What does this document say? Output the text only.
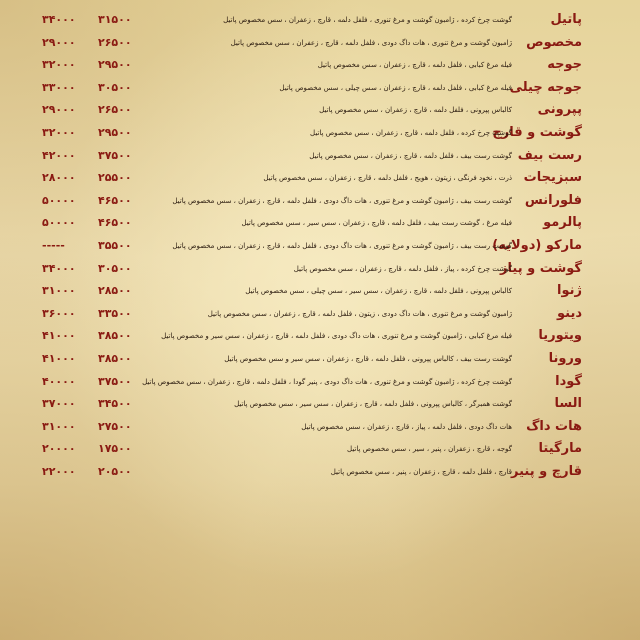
پاتیل
گوشت چرخ کرده ، ژامبون گوشت و مرغ تنوری ، فلفل دلمه ، قارچ ، زعفران ، سس مخصوص پاتیل
۳۱۵۰۰
۳۴۰۰۰
مخصوص
ژامبون گوشت و مرغ تنوری ، هات داگ دودی ، فلفل دلمه ، قارچ ، زعفران ، سس مخصوص پاتیل
۲۶۵۰۰
۲۹۰۰۰
جوجه
فیله مرغ کبابی ، فلفل دلمه ، قارچ ، زعفران ، سس مخصوص پاتیل
۲۹۵۰۰
۳۲۰۰۰
جوجه چیلی
فیله مرغ کبابی ، فلفل دلمه ، قارچ ، زعفران ، سس چیلی ، سس مخصوص پاتیل
۳۰۵۰۰
۳۳۰۰۰
پپرونی
کالباس پپرونی ، فلفل دلمه ، قارچ ، زعفران ، سس مخصوص پاتیل
۲۶۵۰۰
۲۹۰۰۰
گوشت و قارچ
گوشت چرخ کرده ، فلفل دلمه ، قارچ ، زعفران ، سس مخصوص پاتیل
۲۹۵۰۰
۳۲۰۰۰
رست بیف
گوشت رست بیف ، فلفل دلمه ، قارچ ، زعفران ، سس مخصوص پاتیل
۳۷۵۰۰
۴۲۰۰۰
سبزیجات
ذرت ، نخود فرنگی ، زیتون ، هویج ، فلفل دلمه ، قارچ ، زعفران ، سس مخصوص پاتیل
۲۵۵۰۰
۲۸۰۰۰
فلورانس
گوشت رست بیف ، ژامبون گوشت و مرغ تنوری ، هات داگ دودی ، فلفل دلمه ، قارچ ، زعفران ، سس مخصوص پاتیل
۴۶۵۰۰
۵۰۰۰۰
پالرمو
فیله مرغ ، گوشت رست بیف ، فلفل دلمه ، قارچ ، زعفران ، سس سیر ، سس مخصوص پاتیل
۴۶۵۰۰
۵۰۰۰۰
مارکو (دولایه)
گوشت رست بیف ، ژامبون گوشت و مرغ تنوری ، هات داگ دودی ، فلفل دلمه ، قارچ ، زعفران ، سس مخصوص پاتیل
۳۵۵۰۰
-----
گوشت و پیاز
گوشت چرخ کرده ، پیاز ، فلفل دلمه ، قارچ ، زعفران ، سس مخصوص پاتیل
۳۰۵۰۰
۳۴۰۰۰
ژنوا
کالباس پپرونی ، فلفل دلمه ، قارچ ، زعفران ، سس سیر ، سس چیلی ، سس مخصوص پاتیل
۲۸۵۰۰
۳۱۰۰۰
دینو
ژامبون گوشت و مرغ تنوری ، هات داگ دودی ، زیتون ، فلفل دلمه ، قارچ ، زعفران ، سس مخصوص پاتیل
۳۳۵۰۰
۳۶۰۰۰
ویتوریا
فیله مرغ کبابی ، ژامبون گوشت و مرغ تنوری ، هات داگ دودی ، فلفل دلمه ، قارچ ، زعفران ، سس سیر و مخصوص پاتیل
۳۸۵۰۰
۴۱۰۰۰
ورونا
گوشت رست بیف ، کالباس پپرونی ، فلفل دلمه ، قارچ ، زعفران ، سس سیر و سس مخصوص پاتیل
۳۸۵۰۰
۴۱۰۰۰
گودا
گوشت چرخ کرده ، ژامبون گوشت و مرغ تنوری ، هات داگ دودی ، پنیر گودا ، فلفل دلمه ، قارچ ، زعفران ، سس مخصوص پاتیل
۳۷۵۰۰
۴۰۰۰۰
السا
گوشت همبرگر ، کالباس پپرونی ، فلفل دلمه ، قارچ ، زعفران ، سس سیر ، سس مخصوص پاتیل
۳۴۵۰۰
۳۷۰۰۰
هات داگ
هات داگ دودی ، فلفل دلمه ، پیاز ، قارچ ، زعفران ، سس مخصوص پاتیل
۲۷۵۰۰
۳۱۰۰۰
مارگیتا
گوجه ، قارچ ، زعفران ، پنیر ، سیر ، سس مخصوص پاتیل
۱۷۵۰۰
۲۰۰۰۰
قارچ و پنیر
قارچ ، فلفل دلمه ، قارچ ، زعفران ، پنیر ، سس مخصوص پاتیل
۲۰۵۰۰
۲۲۰۰۰
